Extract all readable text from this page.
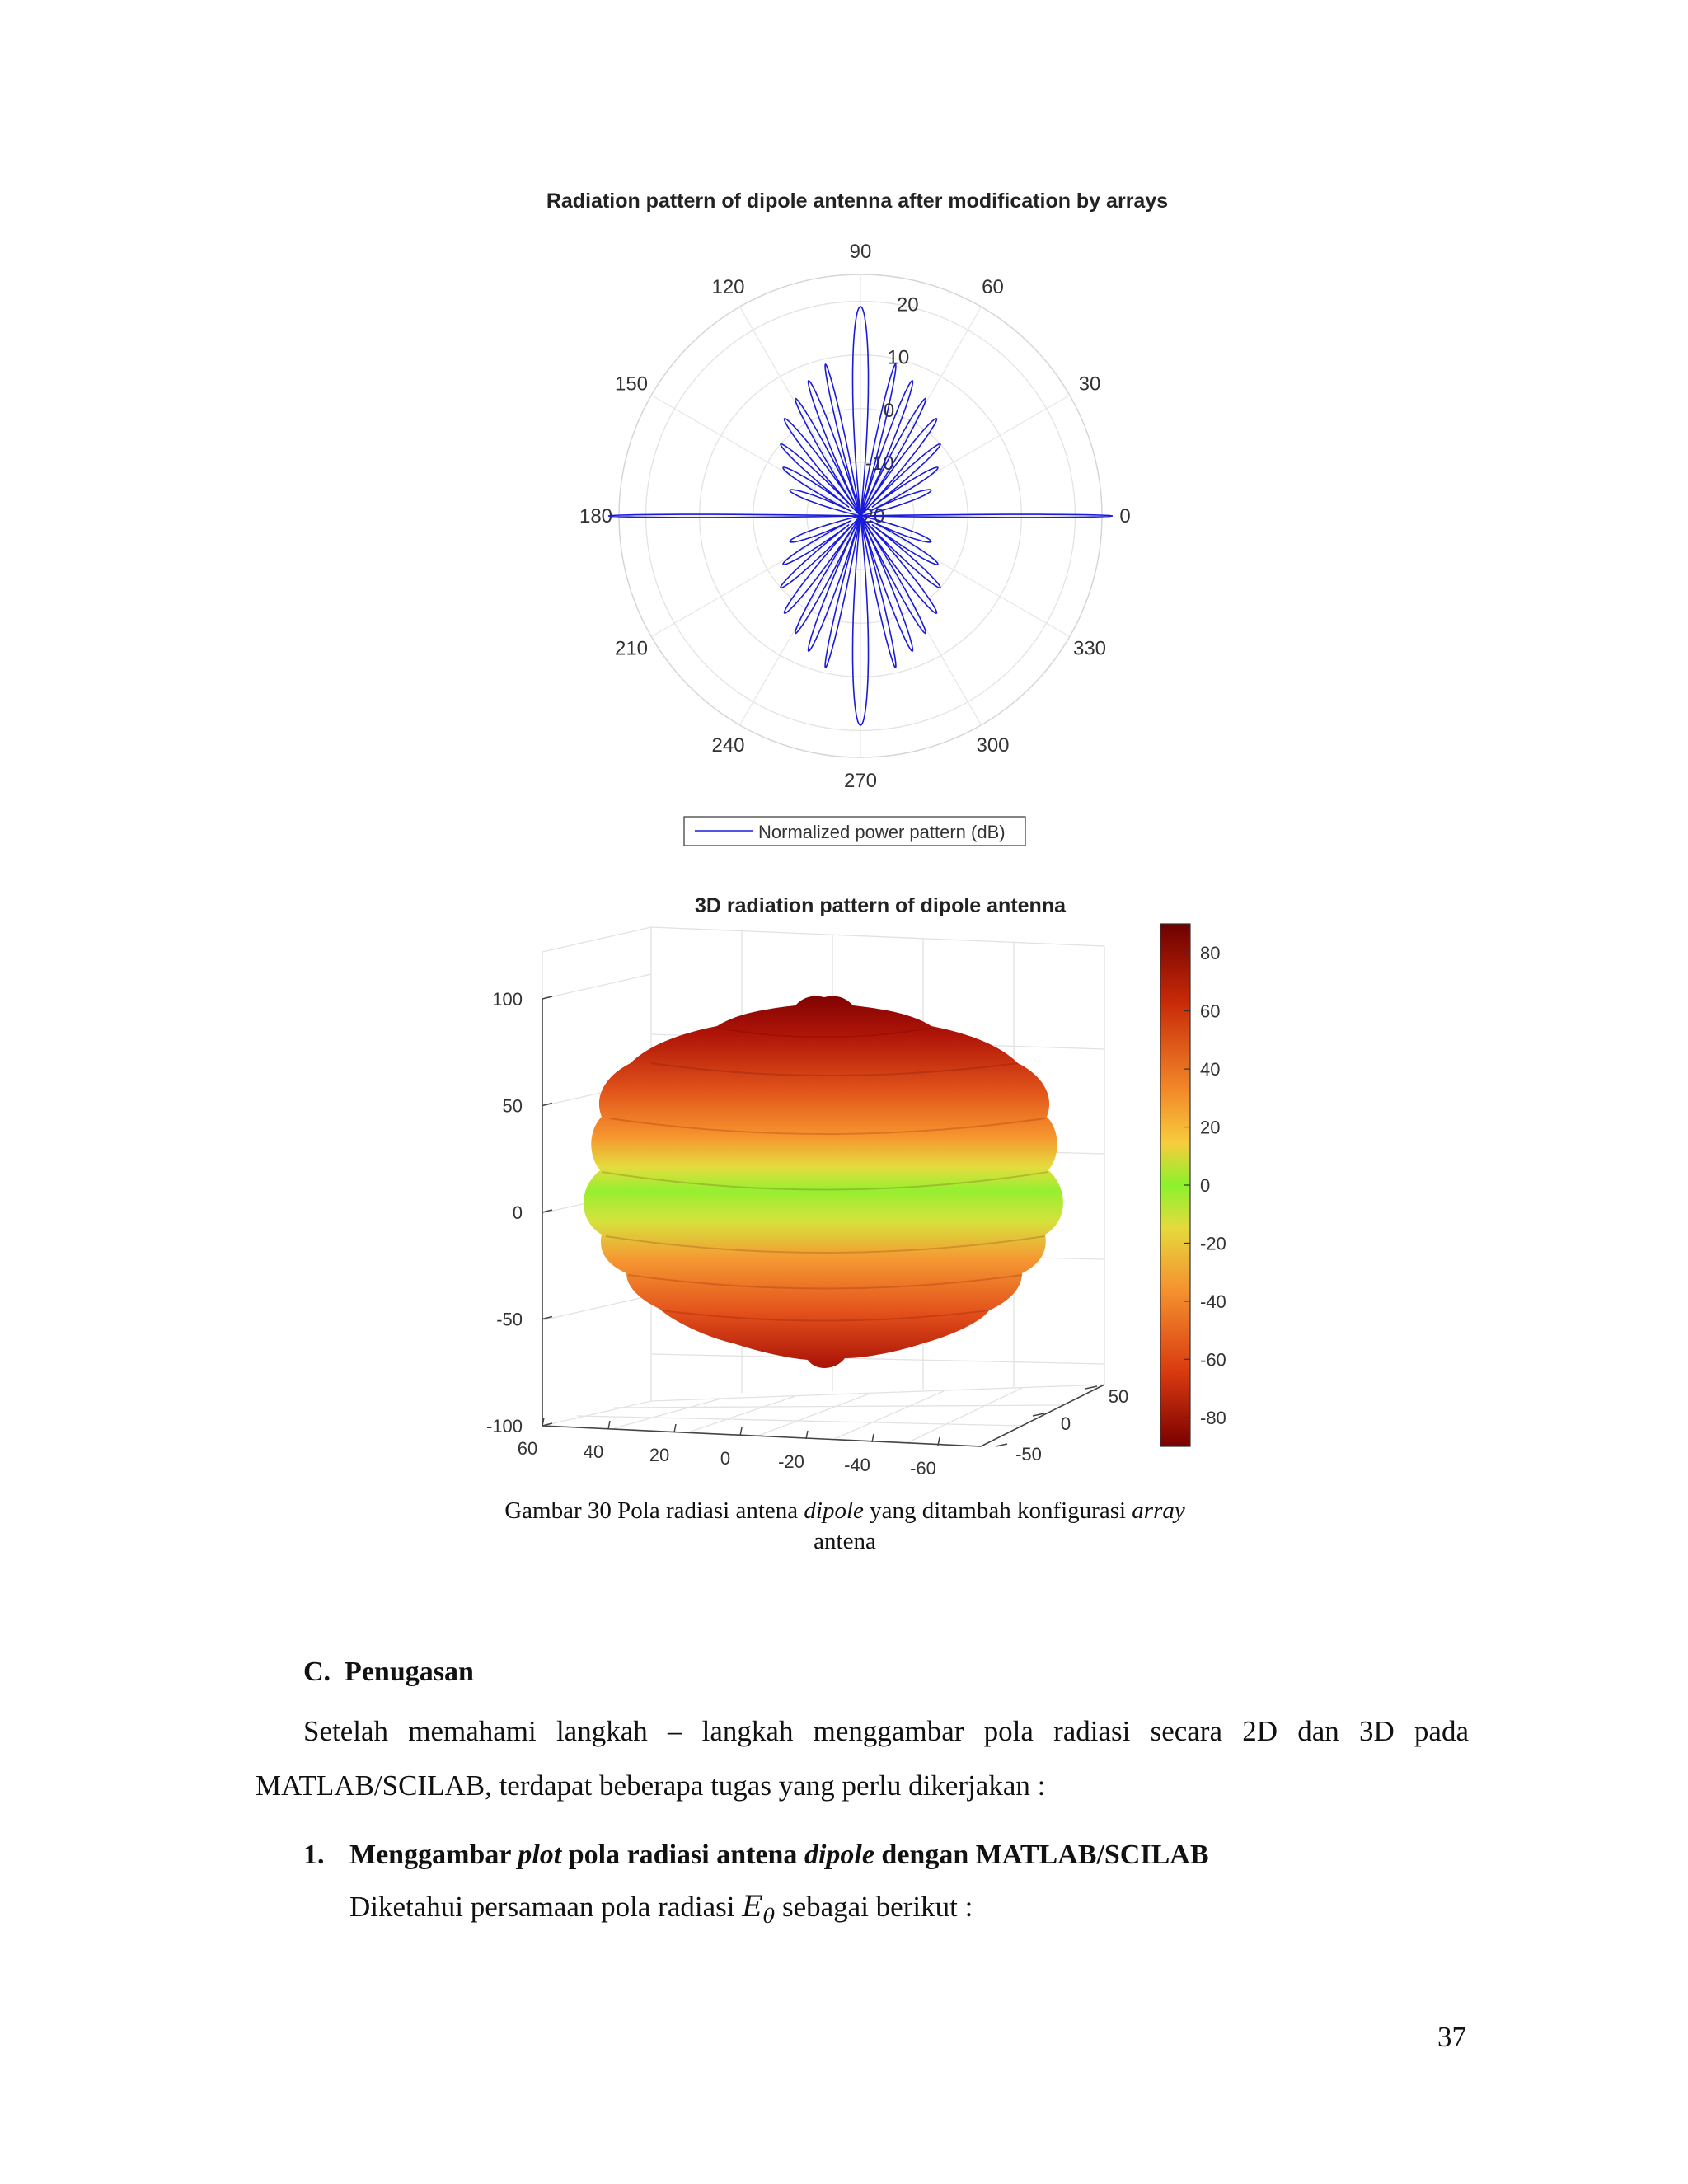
Radiation pattern of dipole antenna after modification by arrays
0
30
60
90
120
150
180
210
240
270
300
330
-20
-10
0
10
20
Normalized power pattern (dB)
3D radiation pattern of dipole antenna
100
50
0
-50
-100
60	40	20	0	-20 -40 -60
50
0
-50
80
60
40
20
0
-20
-40
-60
-80
Gambar 30 Pola radiasi antena dipole yang ditambah konfigurasi array
antena
C.  Penugasan
Setelah memahami langkah – langkah menggambar pola radiasi secara 2D dan 3D pada MATLAB/SCILAB, terdapat beberapa tugas yang perlu dikerjakan :
1. Menggambar plot pola radiasi antena dipole dengan MATLAB/SCILAB
Diketahui persamaan pola radiasi $E_\theta$ sebagai berikut :
37
